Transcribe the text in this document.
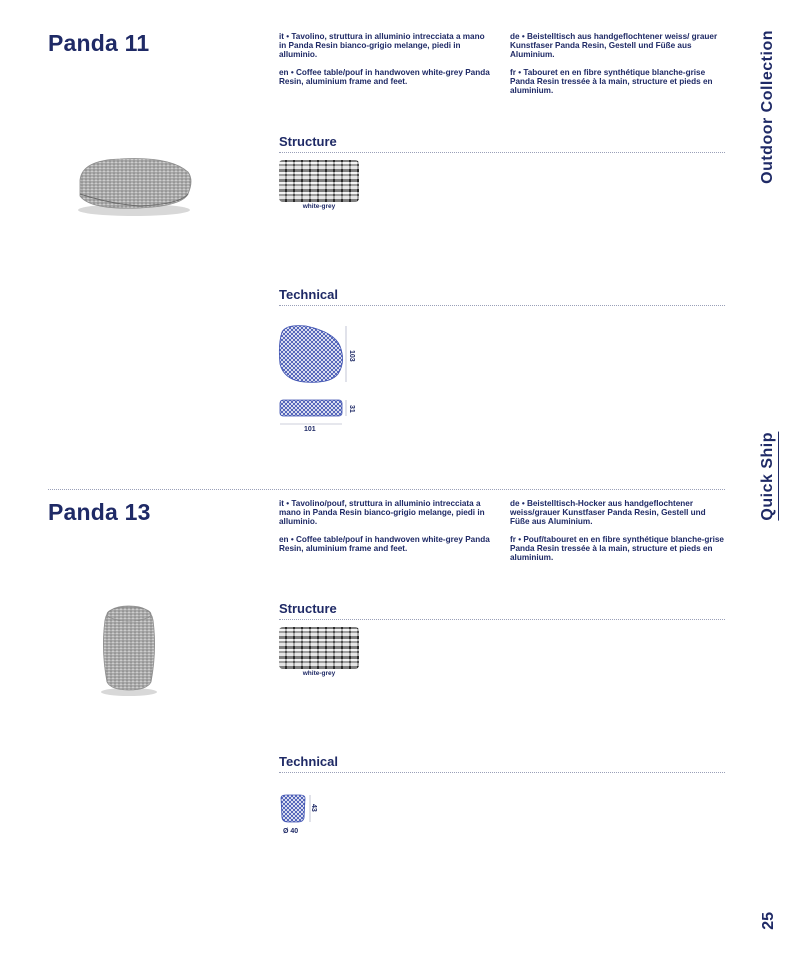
Panda 11	it • Tavolino, struttura in alluminio intrecciata a mano in Panda Resin bianco-grigio melange, piedi in alluminio.

en • Coffee table/pouf in handwoven white-grey Panda Resin, aluminium frame and feet.

de • Beistelltisch aus handgeflochtener weiss/ grauer Kunstfaser Panda Resin, Gestell und Füße aus Aluminium.

fr • Tabouret en en fibre synthétique blanche-grise Panda Resin tressée à la main, structure et pieds en aluminium.

Structure
white-grey
Technical
103
31
101
Panda 13	it • Tavolino/pouf, struttura in alluminio intrecciata a mano in Panda Resin bianco-grigio melange, piedi in alluminio.

en • Coffee table/pouf in handwoven white-grey Panda Resin, aluminium frame and feet.

de • Beistelltisch-Hocker aus handgeflochtener weiss/grauer Kunstfaser Panda Resin, Gestell und Füße aus Aluminium.

fr • Pouf/tabouret en en fibre synthétique blanche-grise Panda Resin tressée à la main, structure et pieds en aluminium.

Structure
white-grey
Technical
43
Ø 40
Outdoor Collection
Quick Ship
25
